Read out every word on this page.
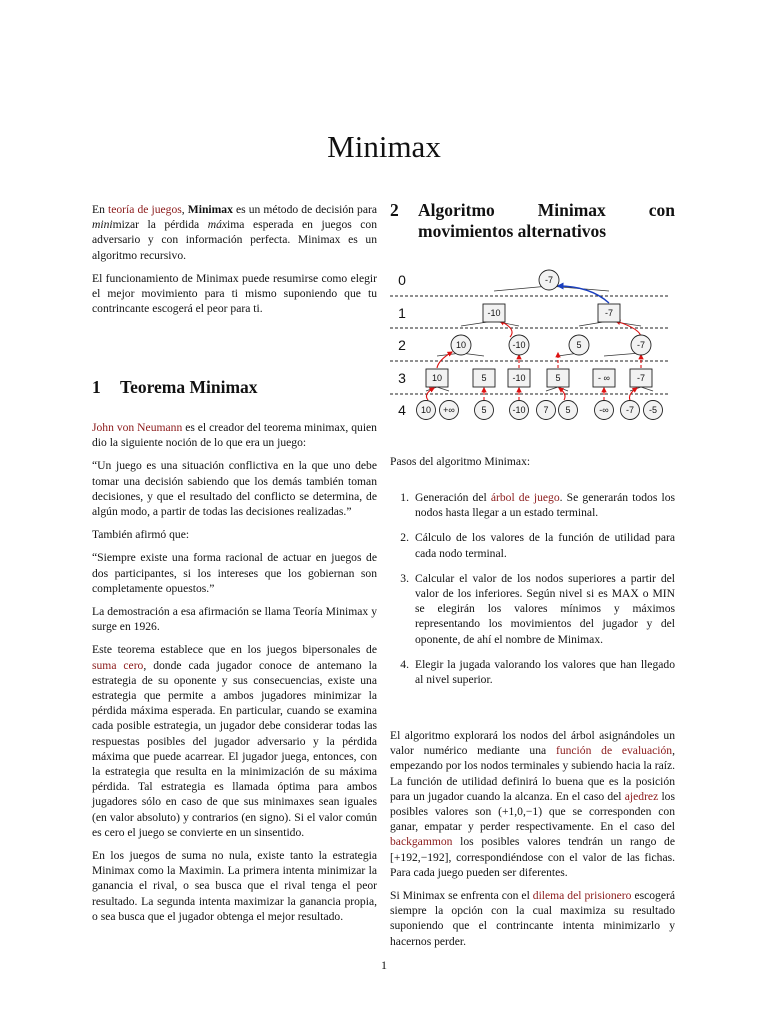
Minimax

En teoría de juegos, Minimax es un método de decisión para minimizar la pérdida máxima esperada en juegos con adversario y con información perfecta. Minimax es un algoritmo recursivo.

El funcionamiento de Minimax puede resumirse como elegir el mejor movimiento para ti mismo suponiendo que tu contrincante escogerá el peor para ti.

1	Teorema Minimax

John von Neumann es el creador del teorema minimax, quien dio la siguiente noción de lo que era un juego:

“Un juego es una situación conflictiva en la que uno debe tomar una decisión sabiendo que los demás también toman decisiones, y que el resultado del conflicto se determina, de algún modo, a partir de todas las decisiones realizadas.”

También afirmó que:

“Siempre existe una forma racional de actuar en juegos de dos participantes, si los intereses que los gobiernan son completamente opuestos.”

La demostración a esa afirmación se llama Teoría Minimax y surge en 1926.

Este teorema establece que en los juegos bipersonales de suma cero, donde cada jugador conoce de antemano la estrategia de su oponente y sus consecuencias, existe una estrategia que permite a ambos jugadores minimizar la pérdida máxima esperada. En particular, cuando se examina cada posible estrategia, un jugador debe considerar todas las respuestas posibles del jugador adversario y la pérdida máxima que puede acarrear. El jugador juega, entonces, con la estrategia que resulta en la minimización de su máxima pérdida. Tal estrategia es llamada óptima para ambos jugadores sólo en caso de que sus minimaxes sean iguales (en valor absoluto) y contrarios (en signo). Si el valor común es cero el juego se convierte en un sinsentido.

En los juegos de suma no nula, existe tanto la estrategia Minimax como la Maximin. La primera intenta minimizar la ganancia el rival, o sea busca que el rival tenga el peor resultado. La segunda intenta maximizar la ganancia propia, o sea busca que el jugador obtenga el mejor resultado.

2	Algoritmo Minimax con movimientos alternativos
0
1
2
3
4
-7
-10	-7
10	-10	5	-7
10	5	-10	5	- ∞	-7
10 +∞	5	-10 7 5	-∞ -7 -5
Pasos del algoritmo Minimax:
1. Generación del árbol de juego. Se generarán todos los nodos hasta llegar a un estado terminal.
2. Cálculo de los valores de la función de utilidad para cada nodo terminal.
3. Calcular el valor de los nodos superiores a partir del valor de los inferiores. Según nivel si es MAX o MIN se elegirán los valores mínimos y máximos representando los movimientos del jugador y del oponente, de ahí el nombre de Minimax.
4. Elegir la jugada valorando los valores que han llegado al nivel superior.

El algoritmo explorará los nodos del árbol asignándoles un valor numérico mediante una función de evaluación, empezando por los nodos terminales y subiendo hacia la raíz. La función de utilidad definirá lo buena que es la posición para un jugador cuando la alcanza. En el caso del ajedrez los posibles valores son (+1,0,−1) que se corresponden con ganar, empatar y perder respectivamente. En el caso del backgammon los posibles valores tendrán un rango de [+192,−192], correspondiéndose con el valor de las fichas. Para cada juego pueden ser diferentes.

Si Minimax se enfrenta con el dilema del prisionero escogerá siempre la opción con la cual maximiza su resultado suponiendo que el contrincante intenta minimizarlo y hacernos perder.

1
